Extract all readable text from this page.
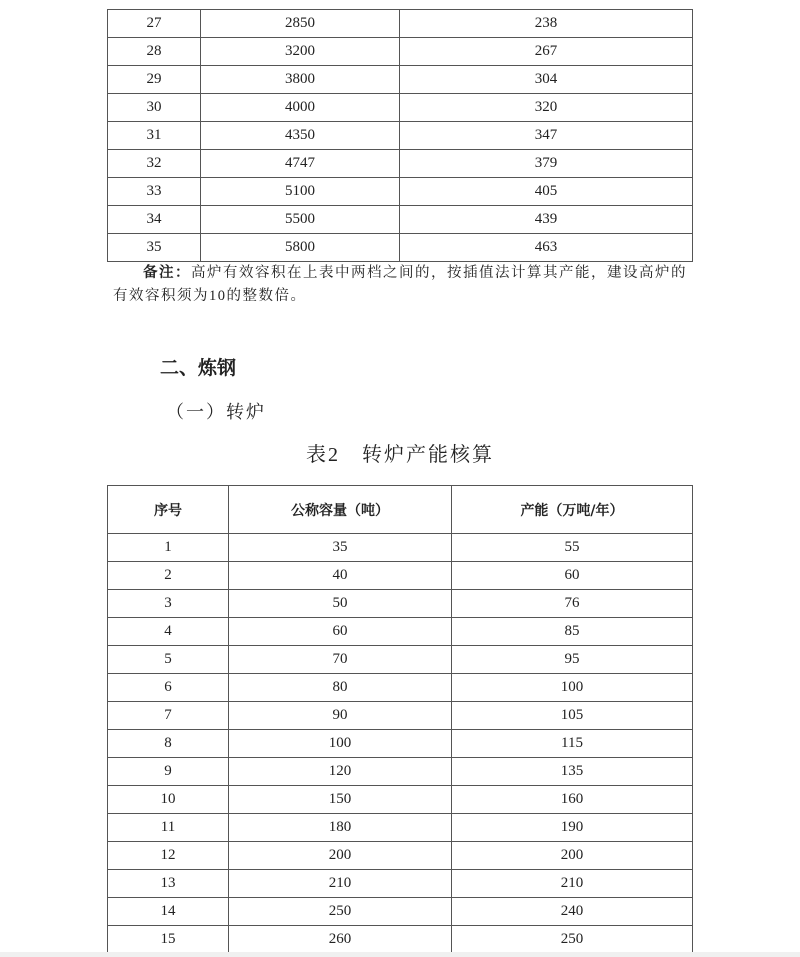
27	2850	238
28	3200	267
29	3800	304
30	4000	320
31	4350	347
32	4747	379
33	5100	405
34	5500	439
35	5800	463
备注：高炉有效容积在上表中两档之间的，按插值法计算其产能，建设高炉的有效容积须为10的整数倍。
二、炼钢
（一）转炉
表2　转炉产能核算
序号	公称容量（吨）	产能（万吨/年）
1	35	55
2	40	60
3	50	76
4	60	85
5	70	95
6	80	100
7	90	105
8	100	115
9	120	135
10	150	160
11	180	190
12	200	200
13	210	210
14	250	240
15	260	250
